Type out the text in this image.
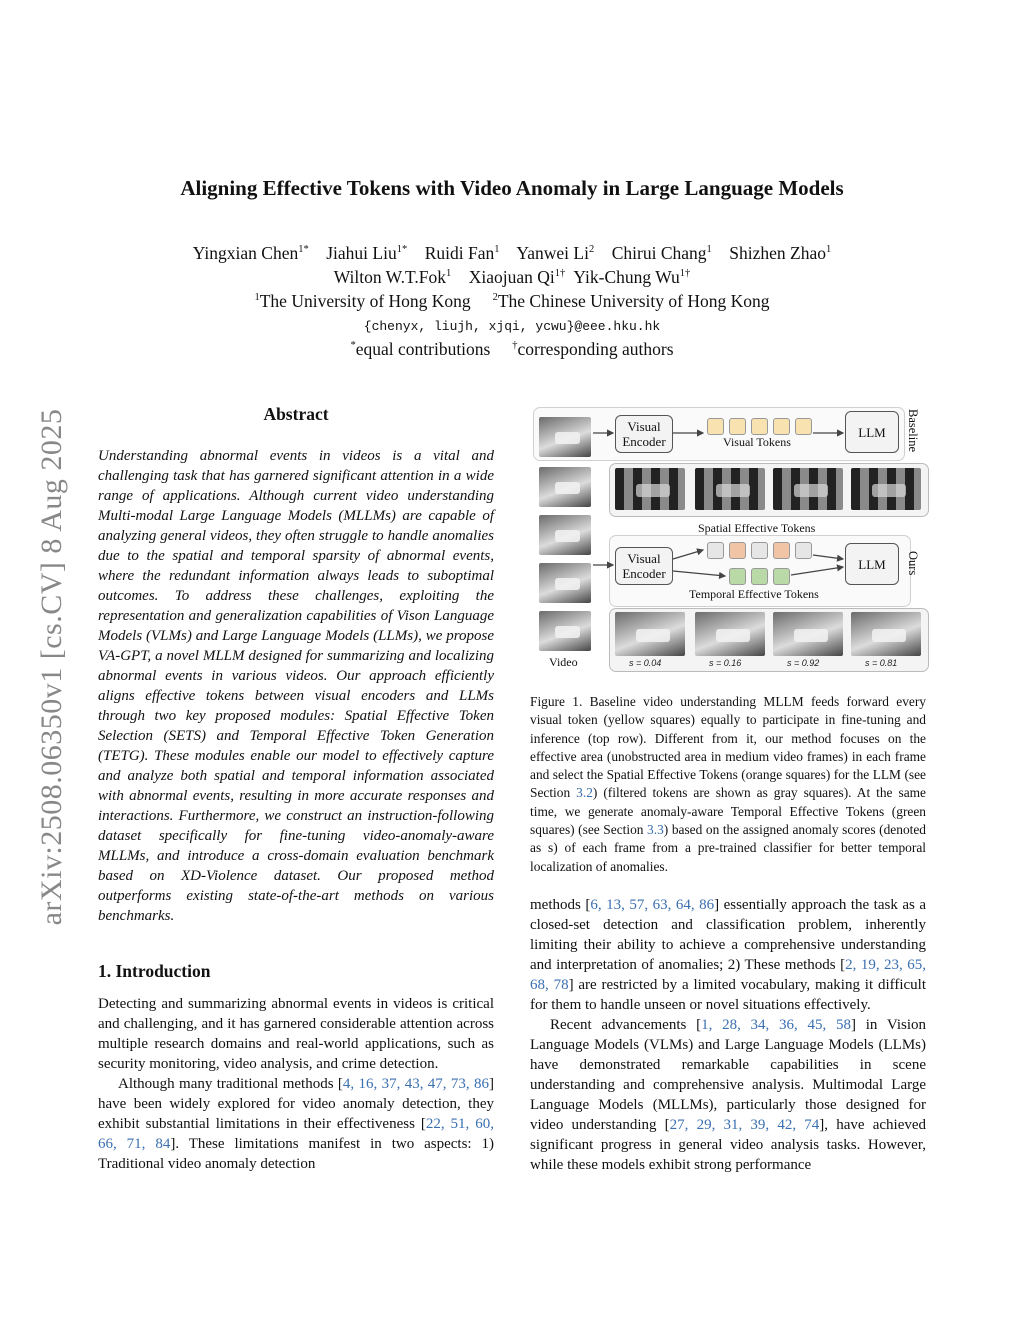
arXiv:2508.06350v1 [cs.CV] 8 Aug 2025
Aligning Effective Tokens with Video Anomaly in Large Language Models
Yingxian Chen$^{1*}$ Jiahui Liu$^{1*}$ Ruidi Fan$^1$ Yanwei Li$^2$ Chirui Chang$^1$ Shizhen Zhao$^1$
Wilton W.T.Fok$^1$ Xiaojuan $Qi^{1\dagger}$ Yik-Chung $Wu^{1\dagger}$
$^1$The University of Hong Kong $^2$The Chinese University of Hong Kong
{chenyx, liujh, xjqi, ycwu}@eee.hku.hk
*equal contributions †corresponding authors
Abstract
Understanding abnormal events in videos is a vital and challenging task that has garnered significant attention in a wide range of applications. Although current video understanding Multi-modal Large Language Models (MLLMs) are capable of analyzing general videos, they often struggle to handle anomalies due to the spatial and temporal sparsity of abnormal events, where the redundant information always leads to suboptimal outcomes. To address these challenges, exploiting the representation and generalization capabilities of Vison Language Models (VLMs) and Large Language Models (LLMs), we propose VA-GPT, a novel MLLM designed for summarizing and localizing abnormal events in various videos. Our approach efficiently aligns effective tokens between visual encoders and LLMs through two key proposed modules: Spatial Effective Token Selection (SETS) and Temporal Effective Token Generation (TETG). These modules enable our model to effectively capture and analyze both spatial and temporal information associated with abnormal events, resulting in more accurate responses and interactions. Furthermore, we construct an instruction-following dataset specifically for fine-tuning video-anomaly-aware MLLMs, and introduce a cross-domain evaluation benchmark based on XD-Violence dataset. Our proposed method outperforms existing state-of-the-art methods on various benchmarks.
1. Introduction

Detecting and summarizing abnormal events in videos is critical and challenging, and it has garnered considerable attention across multiple research domains and real-world applications, such as security monitoring, video analysis, and crime detection.

Although many traditional methods [4, 16, 37, 43, 47, 73, 86] have been widely explored for video anomaly detection, they exhibit substantial limitations in their effectiveness [22, 51, 60, 66, 71, 84]. These limitations manifest in two aspects: 1) Traditional video anomaly detection

Visual Encoder	Visual Tokens
LLM	Baseline
Video
Spatial Effective Tokens
Visual Encoder
Temporal Effective Tokens
LLM	Ours
s = 0.04	s = 0.16	s = 0.92	s = 0.81
Figure 1. Baseline video understanding MLLM feeds forward every visual token (yellow squares) equally to participate in fine-tuning and inference (top row). Different from it, our method focuses on the effective area (unobstructed area in medium video frames) in each frame and select the Spatial Effective Tokens (orange squares) for the LLM (see Section 3.2) (filtered tokens are shown as gray squares). At the same time, we generate anomaly-aware Temporal Effective Tokens (green squares) (see Section 3.3) based on the assigned anomaly scores (denoted as s) of each frame from a pre-trained classifier for better temporal localization of anomalies.

methods [6, 13, 57, 63, 64, 86] essentially approach the task as a closed-set detection and classification problem, inherently limiting their ability to achieve a comprehensive understanding and interpretation of anomalies; 2) These methods [2, 19, 23, 65, 68, 78] are restricted by a limited vocabulary, making it difficult for them to handle unseen or novel situations effectively.

Recent advancements [1, 28, 34, 36, 45, 58] in Vision Language Models (VLMs) and Large Language Models (LLMs) have demonstrated remarkable capabilities in scene understanding and comprehensive analysis. Multimodal Large Language Models (MLLMs), particularly those designed for video understanding [27, 29, 31, 39, 42, 74], have achieved significant progress in general video analysis tasks. However, while these models exhibit strong performance
